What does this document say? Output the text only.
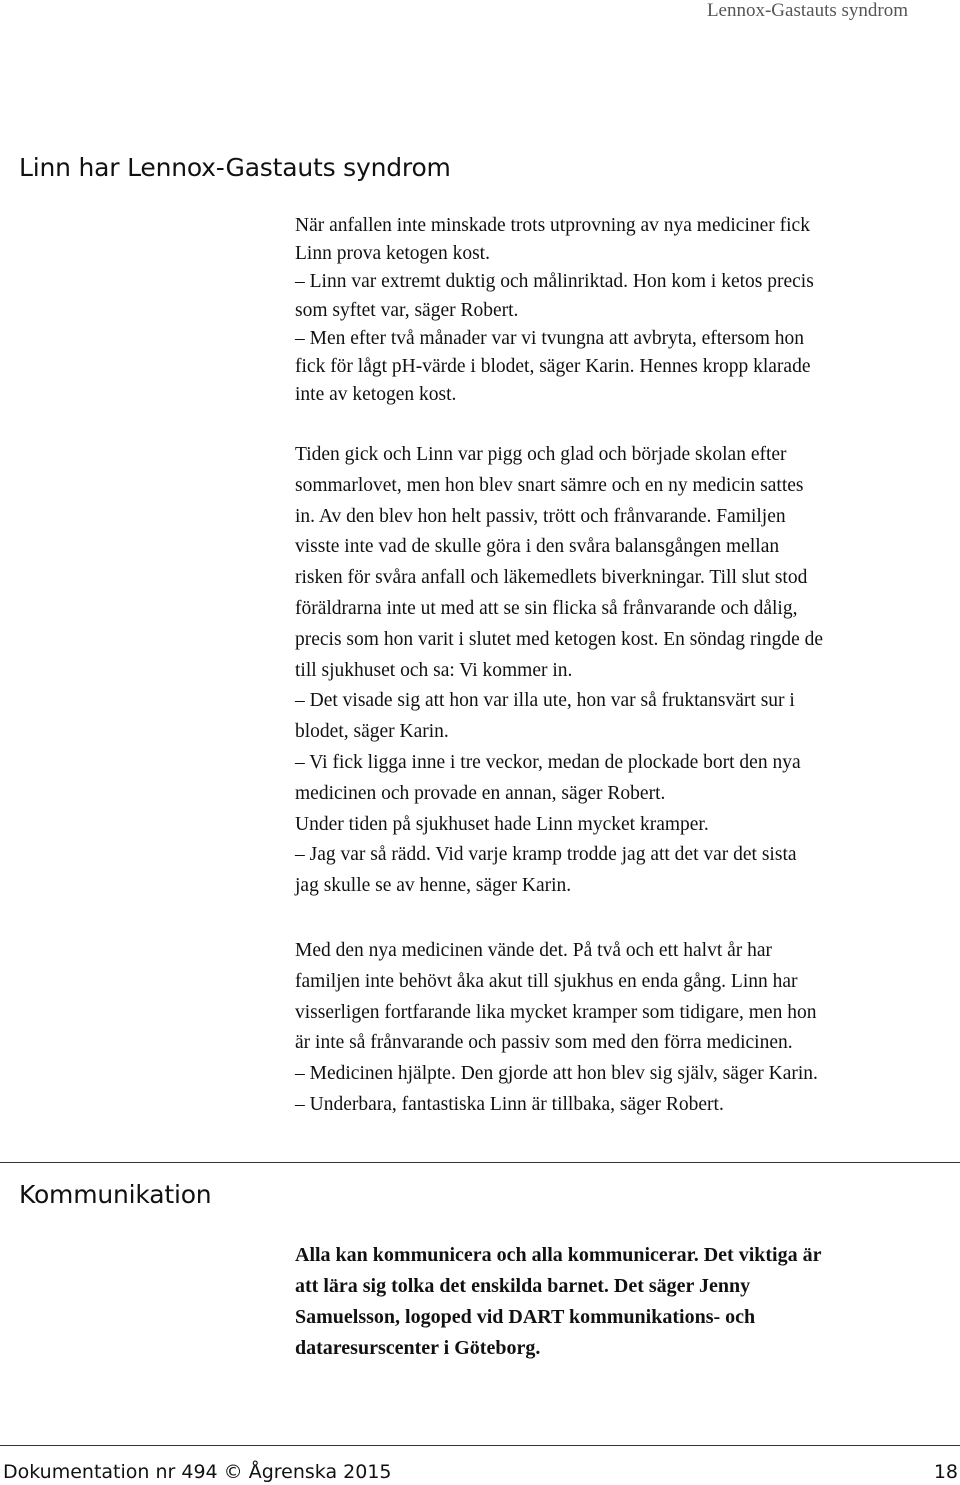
Lennox-Gastauts syndrom
Linn har Lennox-Gastauts syndrom

När anfallen inte minskade trots utprovning av nya mediciner fick

Linn prova ketogen kost.

– Linn var extremt duktig och målinriktad. Hon kom i ketos precis

som syftet var, säger Robert.

– Men efter två månader var vi tvungna att avbryta, eftersom hon

fick för lågt pH-värde i blodet, säger Karin. Hennes kropp klarade

inte av ketogen kost.

Tiden gick och Linn var pigg och glad och började skolan efter

sommarlovet, men hon blev snart sämre och en ny medicin sattes

in. Av den blev hon helt passiv, trött och frånvarande. Familjen

visste inte vad de skulle göra i den svåra balansgången mellan

risken för svåra anfall och läkemedlets biverkningar. Till slut stod

föräldrarna inte ut med att se sin flicka så frånvarande och dålig,

precis som hon varit i slutet med ketogen kost. En söndag ringde de

till sjukhuset och sa: Vi kommer in.

– Det visade sig att hon var illa ute, hon var så fruktansvärt sur i

blodet, säger Karin.

– Vi fick ligga inne i tre veckor, medan de plockade bort den nya

medicinen och provade en annan, säger Robert.

Under tiden på sjukhuset hade Linn mycket kramper.

– Jag var så rädd. Vid varje kramp trodde jag att det var det sista

jag skulle se av henne, säger Karin.

Med den nya medicinen vände det. På två och ett halvt år har

familjen inte behövt åka akut till sjukhus en enda gång. Linn har

visserligen fortfarande lika mycket kramper som tidigare, men hon

är inte så frånvarande och passiv som med den förra medicinen.

– Medicinen hjälpte. Den gjorde att hon blev sig själv, säger Karin.

– Underbara, fantastiska Linn är tillbaka, säger Robert.

Kommunikation

Alla kan kommunicera och alla kommunicerar. Det viktiga är

att lära sig tolka det enskilda barnet. Det säger Jenny

Samuelsson, logoped vid DART kommunikations- och

dataresurscenter i Göteborg.

Dokumentation nr 494 © Ågrenska 2015	18
